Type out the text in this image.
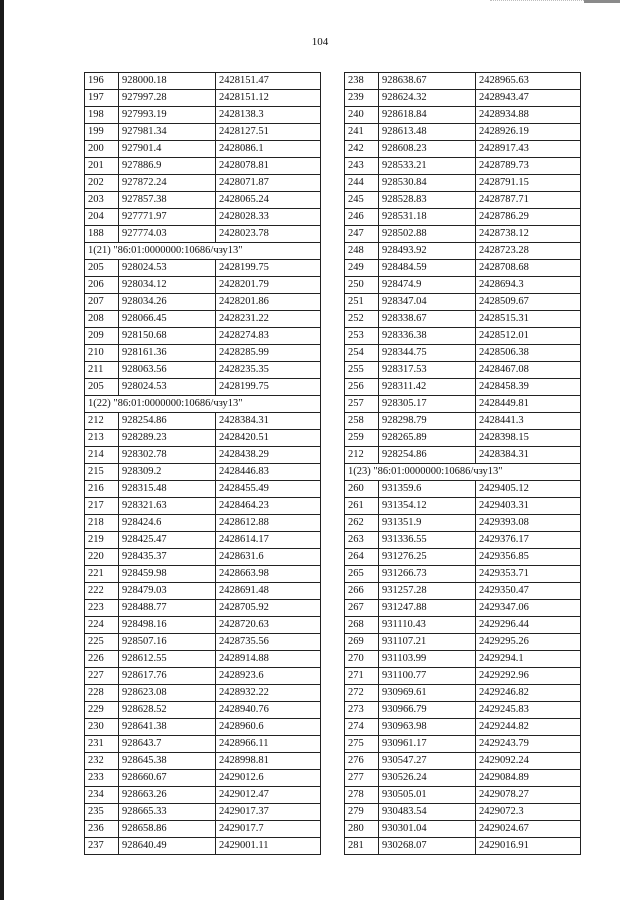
104
196	928000.18	2428151.47
197	927997.28	2428151.12
198	927993.19	2428138.3
199	927981.34	2428127.51
200	927901.4	2428086.1
201	927886.9	2428078.81
202	927872.24	2428071.87
203	927857.38	2428065.24
204	927771.97	2428028.33
188	927774.03	2428023.78
1(21) "86:01:0000000:10686/чзу13"		
205	928024.53	2428199.75
206	928034.12	2428201.79
207	928034.26	2428201.86
208	928066.45	2428231.22
209	928150.68	2428274.83
210	928161.36	2428285.99
211	928063.56	2428235.35
205	928024.53	2428199.75
1(22) "86:01:0000000:10686/чзу13"		
212	928254.86	2428384.31
213	928289.23	2428420.51
214	928302.78	2428438.29
215	928309.2	2428446.83
216	928315.48	2428455.49
217	928321.63	2428464.23
218	928424.6	2428612.88
219	928425.47	2428614.17
220	928435.37	2428631.6
221	928459.98	2428663.98
222	928479.03	2428691.48
223	928488.77	2428705.92
224	928498.16	2428720.63
225	928507.16	2428735.56
226	928612.55	2428914.88
227	928617.76	2428923.6
228	928623.08	2428932.22
229	928628.52	2428940.76
230	928641.38	2428960.6
231	928643.7	2428966.11
232	928645.38	2428998.81
233	928660.67	2429012.6
234	928663.26	2429012.47
235	928665.33	2429017.37
236	928658.86	2429017.7
237	928640.49	2429001.11
238	928638.67	2428965.63
239	928624.32	2428943.47
240	928618.84	2428934.88
241	928613.48	2428926.19
242	928608.23	2428917.43
243	928533.21	2428789.73
244	928530.84	2428791.15
245	928528.83	2428787.71
246	928531.18	2428786.29
247	928502.88	2428738.12
248	928493.92	2428723.28
249	928484.59	2428708.68
250	928474.9	2428694.3
251	928347.04	2428509.67
252	928338.67	2428515.31
253	928336.38	2428512.01
254	928344.75	2428506.38
255	928317.53	2428467.08
256	928311.42	2428458.39
257	928305.17	2428449.81
258	928298.79	2428441.3
259	928265.89	2428398.15
212	928254.86	2428384.31
1(23) "86:01:0000000:10686/чзу13"		
260	931359.6	2429405.12
261	931354.12	2429403.31
262	931351.9	2429393.08
263	931336.55	2429376.17
264	931276.25	2429356.85
265	931266.73	2429353.71
266	931257.28	2429350.47
267	931247.88	2429347.06
268	931110.43	2429296.44
269	931107.21	2429295.26
270	931103.99	2429294.1
271	931100.77	2429292.96
272	930969.61	2429246.82
273	930966.79	2429245.83
274	930963.98	2429244.82
275	930961.17	2429243.79
276	930547.27	2429092.24
277	930526.24	2429084.89
278	930505.01	2429078.27
279	930483.54	2429072.3
280	930301.04	2429024.67
281	930268.07	2429016.91
